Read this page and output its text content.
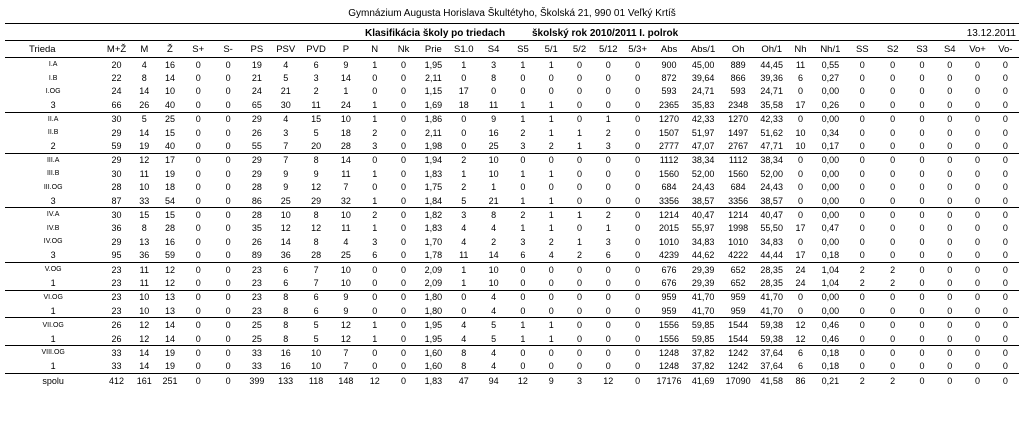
Gymnázium Augusta Horislava Škultétyho, Školská 21, 990 01 Veľký Krtíš
Klasifikácia školy po triedach	školský rok 2010/2011 I. polrok	13.12.2011
Trieda	M+Ž	M	Ž	S+	S-	PS	PSV	PVD	P	N	Nk	Prie	S1.0	S4	S5	5/1	5/2	5/12	5/3+	Abs	Abs/1	Oh	Oh/1	Nh	Nh/1	SS	S2	S3	S4	Vo+	Vo-
I.A	20	4	16	0	0	19	4	6	9	1	0	1,95	1	3	1	1	0	0	0	900	45,00	889	44,45	11	0,55	0	0	0	0	0	0
I.B	22	8	14	0	0	21	5	3	14	0	0	2,11	0	8	0	0	0	0	0	872	39,64	866	39,36	6	0,27	0	0	0	0	0	0
I.OG	24	14	10	0	0	24	21	2	1	0	0	1,15	17	0	0	0	0	0	0	593	24,71	593	24,71	0	0,00	0	0	0	0	0	0
3	66	26	40	0	0	65	30	11	24	1	0	1,69	18	11	1	1	0	0	0	2365	35,83	2348	35,58	17	0,26	0	0	0	0	0	0
II.A	30	5	25	0	0	29	4	15	10	1	0	1,86	0	9	1	1	0	1	0	1270	42,33	1270	42,33	0	0,00	0	0	0	0	0	0
II.B	29	14	15	0	0	26	3	5	18	2	0	2,11	0	16	2	1	1	2	0	1507	51,97	1497	51,62	10	0,34	0	0	0	0	0	0
2	59	19	40	0	0	55	7	20	28	3	0	1,98	0	25	3	2	1	3	0	2777	47,07	2767	47,71	10	0,17	0	0	0	0	0	0
III.A	29	12	17	0	0	29	7	8	14	0	0	1,94	2	10	0	0	0	0	0	1112	38,34	1112	38,34	0	0,00	0	0	0	0	0	0
III.B	30	11	19	0	0	29	9	9	11	1	0	1,83	1	10	1	1	0	0	0	1560	52,00	1560	52,00	0	0,00	0	0	0	0	0	0
III.OG	28	10	18	0	0	28	9	12	7	0	0	1,75	2	1	0	0	0	0	0	684	24,43	684	24,43	0	0,00	0	0	0	0	0	0
3	87	33	54	0	0	86	25	29	32	1	0	1,84	5	21	1	1	0	0	0	3356	38,57	3356	38,57	0	0,00	0	0	0	0	0	0
IV.A	30	15	15	0	0	28	10	8	10	2	0	1,82	3	8	2	1	1	2	0	1214	40,47	1214	40,47	0	0,00	0	0	0	0	0	0
IV.B	36	8	28	0	0	35	12	12	11	1	0	1,83	4	4	1	1	0	1	0	2015	55,97	1998	55,50	17	0,47	0	0	0	0	0	0
IV.OG	29	13	16	0	0	26	14	8	4	3	0	1,70	4	2	3	2	1	3	0	1010	34,83	1010	34,83	0	0,00	0	0	0	0	0	0
3	95	36	59	0	0	89	36	28	25	6	0	1,78	11	14	6	4	2	6	0	4239	44,62	4222	44,44	17	0,18	0	0	0	0	0	0
V.OG	23	11	12	0	0	23	6	7	10	0	0	2,09	1	10	0	0	0	0	0	676	29,39	652	28,35	24	1,04	2	2	0	0	0	0
1	23	11	12	0	0	23	6	7	10	0	0	2,09	1	10	0	0	0	0	0	676	29,39	652	28,35	24	1,04	2	2	0	0	0	0
VI.OG	23	10	13	0	0	23	8	6	9	0	0	1,80	0	4	0	0	0	0	0	959	41,70	959	41,70	0	0,00	0	0	0	0	0	0
1	23	10	13	0	0	23	8	6	9	0	0	1,80	0	4	0	0	0	0	0	959	41,70	959	41,70	0	0,00	0	0	0	0	0	0
VII.OG	26	12	14	0	0	25	8	5	12	1	0	1,95	4	5	1	1	0	0	0	1556	59,85	1544	59,38	12	0,46	0	0	0	0	0	0
1	26	12	14	0	0	25	8	5	12	1	0	1,95	4	5	1	1	0	0	0	1556	59,85	1544	59,38	12	0,46	0	0	0	0	0	0
VIII.OG	33	14	19	0	0	33	16	10	7	0	0	1,60	8	4	0	0	0	0	0	1248	37,82	1242	37,64	6	0,18	0	0	0	0	0	0
1	33	14	19	0	0	33	16	10	7	0	0	1,60	8	4	0	0	0	0	0	1248	37,82	1242	37,64	6	0,18	0	0	0	0	0	0
spolu	412	161	251	0	0	399	133	118	148	12	0	1,83	47	94	12	9	3	12	0	17176	41,69	17090	41,58	86	0,21	2	2	0	0	0	0
